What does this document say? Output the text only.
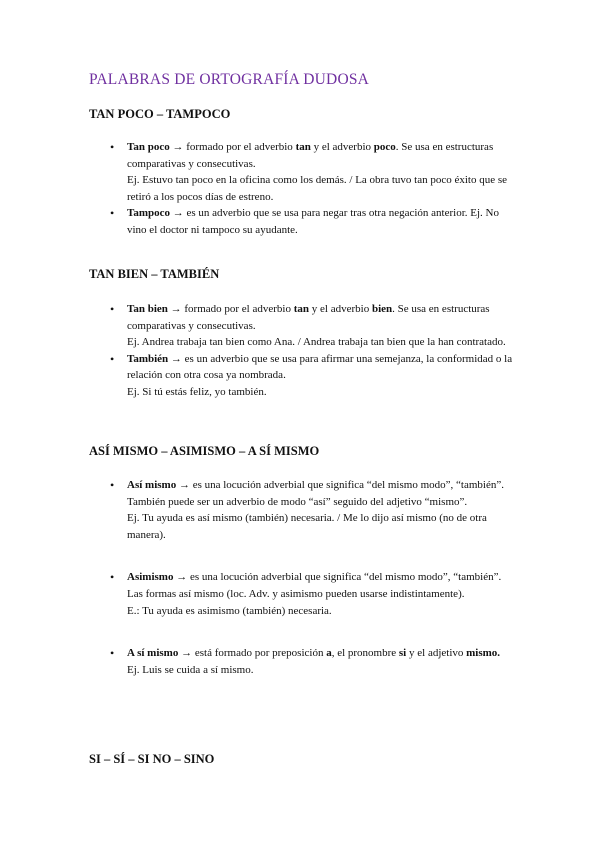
PALABRAS DE ORTOGRAFÍA DUDOSA
TAN POCO – TAMPOCO
• Tan poco → formado por el adverbio tan y el adverbio poco. Se usa en estructuras comparativas y consecutivas.
Ej. Estuvo tan poco en la oficina como los demás. / La obra tuvo tan poco éxito que se retiró a los pocos días de estreno.
• Tampoco → es un adverbio que se usa para negar tras otra negación anterior. Ej. No vino el doctor ni tampoco su ayudante.
TAN BIEN – TAMBIÉN
• Tan bien → formado por el adverbio tan y el adverbio bien. Se usa en estructuras comparativas y consecutivas.
Ej. Andrea trabaja tan bien como Ana. / Andrea trabaja tan bien que la han contratado.
• También → es un adverbio que se usa para afirmar una semejanza, la conformidad o la relación con otra cosa ya nombrada.
Ej. Si tú estás feliz, yo también.
ASÍ MISMO – ASIMISMO – A SÍ MISMO
• Así mismo → es una locución adverbial que significa “del mismo modo”, “también”. También puede ser un adverbio de modo “así” seguido del adjetivo “mismo”.
Ej. Tu ayuda es así mismo (también) necesaria. / Me lo dijo así mismo (no de otra manera).
• Asimismo → es una locución adverbial que significa “del mismo modo”, “también”. Las formas así mismo (loc. Adv. y asimismo pueden usarse indistintamente).
E.: Tu ayuda es asimismo (también) necesaria.
• A sí mismo → está formado por preposición a, el pronombre si y el adjetivo mismo.
Ej. Luis se cuida a sí mismo.
SI – SÍ – SI NO – SINO
